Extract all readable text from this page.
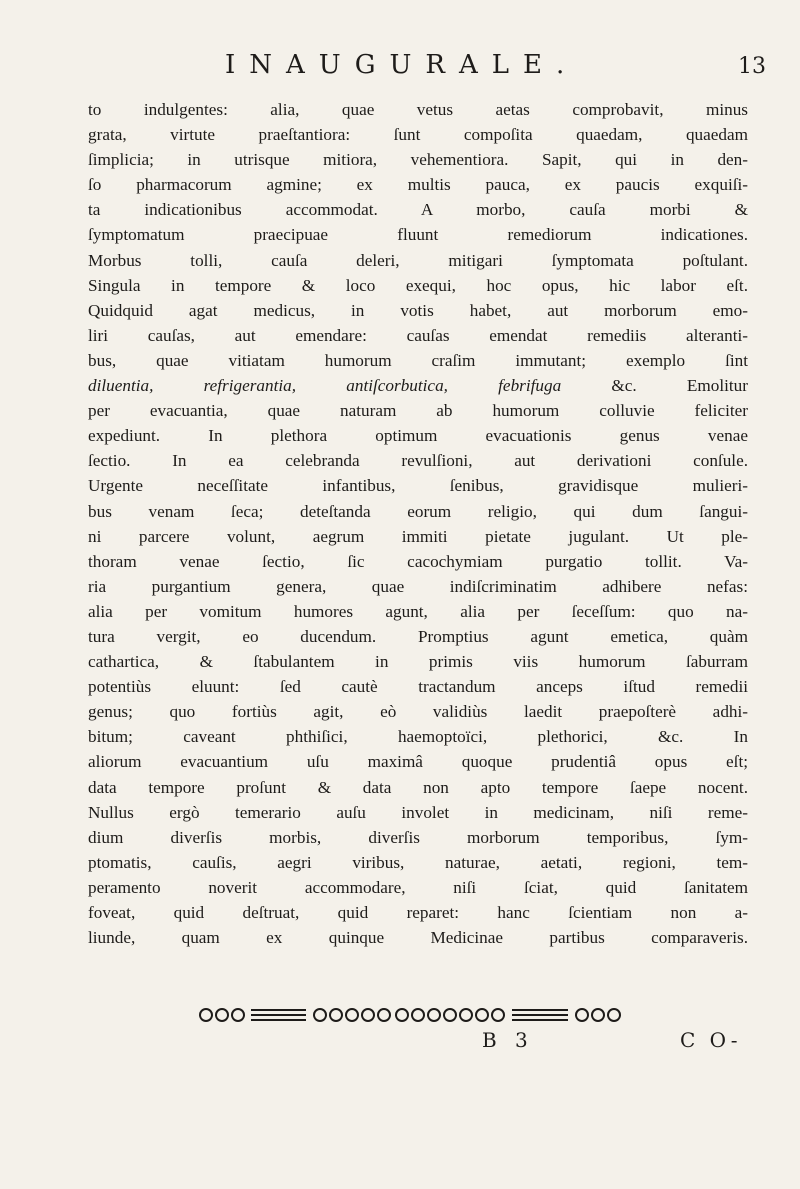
INAUGURALE.	13
to indulgentes: alia, quae vetus aetas comprobavit, minus
grata, virtute praeſtantiora: ſunt compoſita quaedam, quaedam
ſimplicia; in utrisque mitiora, vehementiora. Sapit, qui in den-
ſo pharmacorum agmine; ex multis pauca, ex paucis exquiſi-
ta indicationibus accommodat. A morbo, cauſa morbi &
ſymptomatum praecipuae fluunt remediorum indicationes.
Morbus tolli, cauſa deleri, mitigari ſymptomata poſtulant.
Singula in tempore & loco exequi, hoc opus, hic labor eſt.
Quidquid agat medicus, in votis habet, aut morborum emo-
liri cauſas, aut emendare: cauſas emendat remediis alteranti-
bus, quae vitiatam humorum craſim immutant; exemplo ſint
diluentia, refrigerantia, antiſcorbutica, febrifuga &c. Emolitur
per evacuantia, quae naturam ab humorum colluvie feliciter
expediunt. In plethora optimum evacuationis genus venae
ſectio. In ea celebranda revulſioni, aut derivationi conſule.
Urgente neceſſitate infantibus, ſenibus, gravidisque mulieri-
bus venam ſeca; deteſtanda eorum religio, qui dum ſangui-
ni parcere volunt, aegrum immiti pietate jugulant. Ut ple-
thoram venae ſectio, ſic cacochymiam purgatio tollit. Va-
ria purgantium genera, quae indiſcriminatim adhibere nefas:
alia per vomitum humores agunt, alia per ſeceſſum: quo na-
tura vergit, eo ducendum. Promptius agunt emetica, quàm
cathartica, & ſtabulantem in primis viis humorum ſaburram
potentiùs eluunt: ſed cautè tractandum anceps iſtud remedii
genus; quo fortiùs agit, eò validiùs laedit praepoſterè adhi-
bitum; caveant phthiſici, haemoptoïci, plethorici, &c. In
aliorum evacuantium uſu maximâ quoque prudentiâ opus eſt;
data tempore proſunt & data non apto tempore ſaepe nocent.
Nullus ergò temerario auſu involet in medicinam, niſi reme-
dium diverſis morbis, diverſis morborum temporibus, ſym-
ptomatis, cauſis, aegri viribus, naturae, aetati, regioni, tem-
peramento noverit accommodare, niſi ſciat, quid ſanitatem
foveat, quid deſtruat, quid reparet: hanc ſcientiam non a-
liunde, quam ex quinque Medicinae partibus comparaveris.
B 3	C O-
